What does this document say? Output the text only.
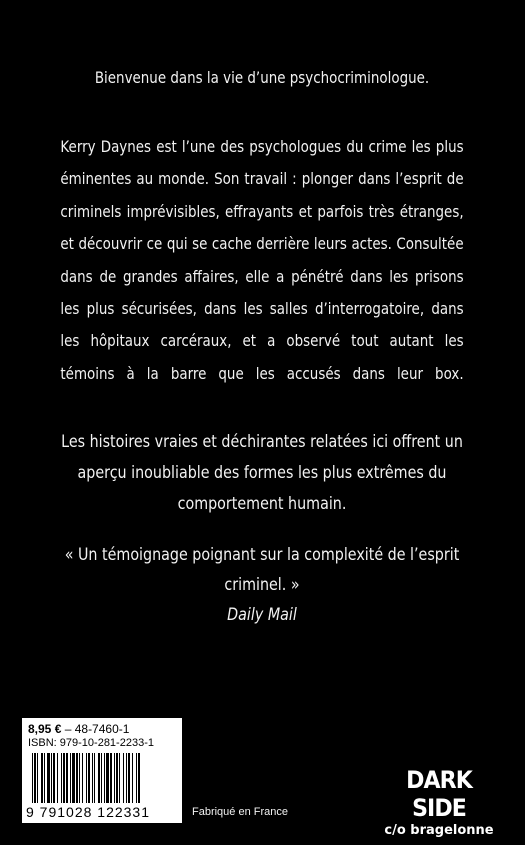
Bienvenue dans la vie d’une psychocriminologue.

Kerry Daynes est l’une des psychologues du crime les plus éminentes au monde. Son travail : plonger dans l’esprit de criminels imprévisibles, effrayants et parfois très étranges, et découvrir ce qui se cache derrière leurs actes. Consultée dans de grandes affaires, elle a pénétré dans les prisons les plus sécurisées, dans les salles d’interrogatoire, dans les hôpitaux carcéraux, et a observé tout autant les témoins à la barre que les accusés dans leur box.

Les histoires vraies et déchirantes relatées ici offrent un aperçu inoubliable des formes les plus extrêmes du comportement humain.

« Un témoignage poignant sur la complexité de l’esprit criminel. »
Daily Mail
8,95 € – 48-7460-1
ISBN: 979-10-281-2233-1
9 791028 122331	Fabriqué en France
DARK SIDE
c/o bragelonne
